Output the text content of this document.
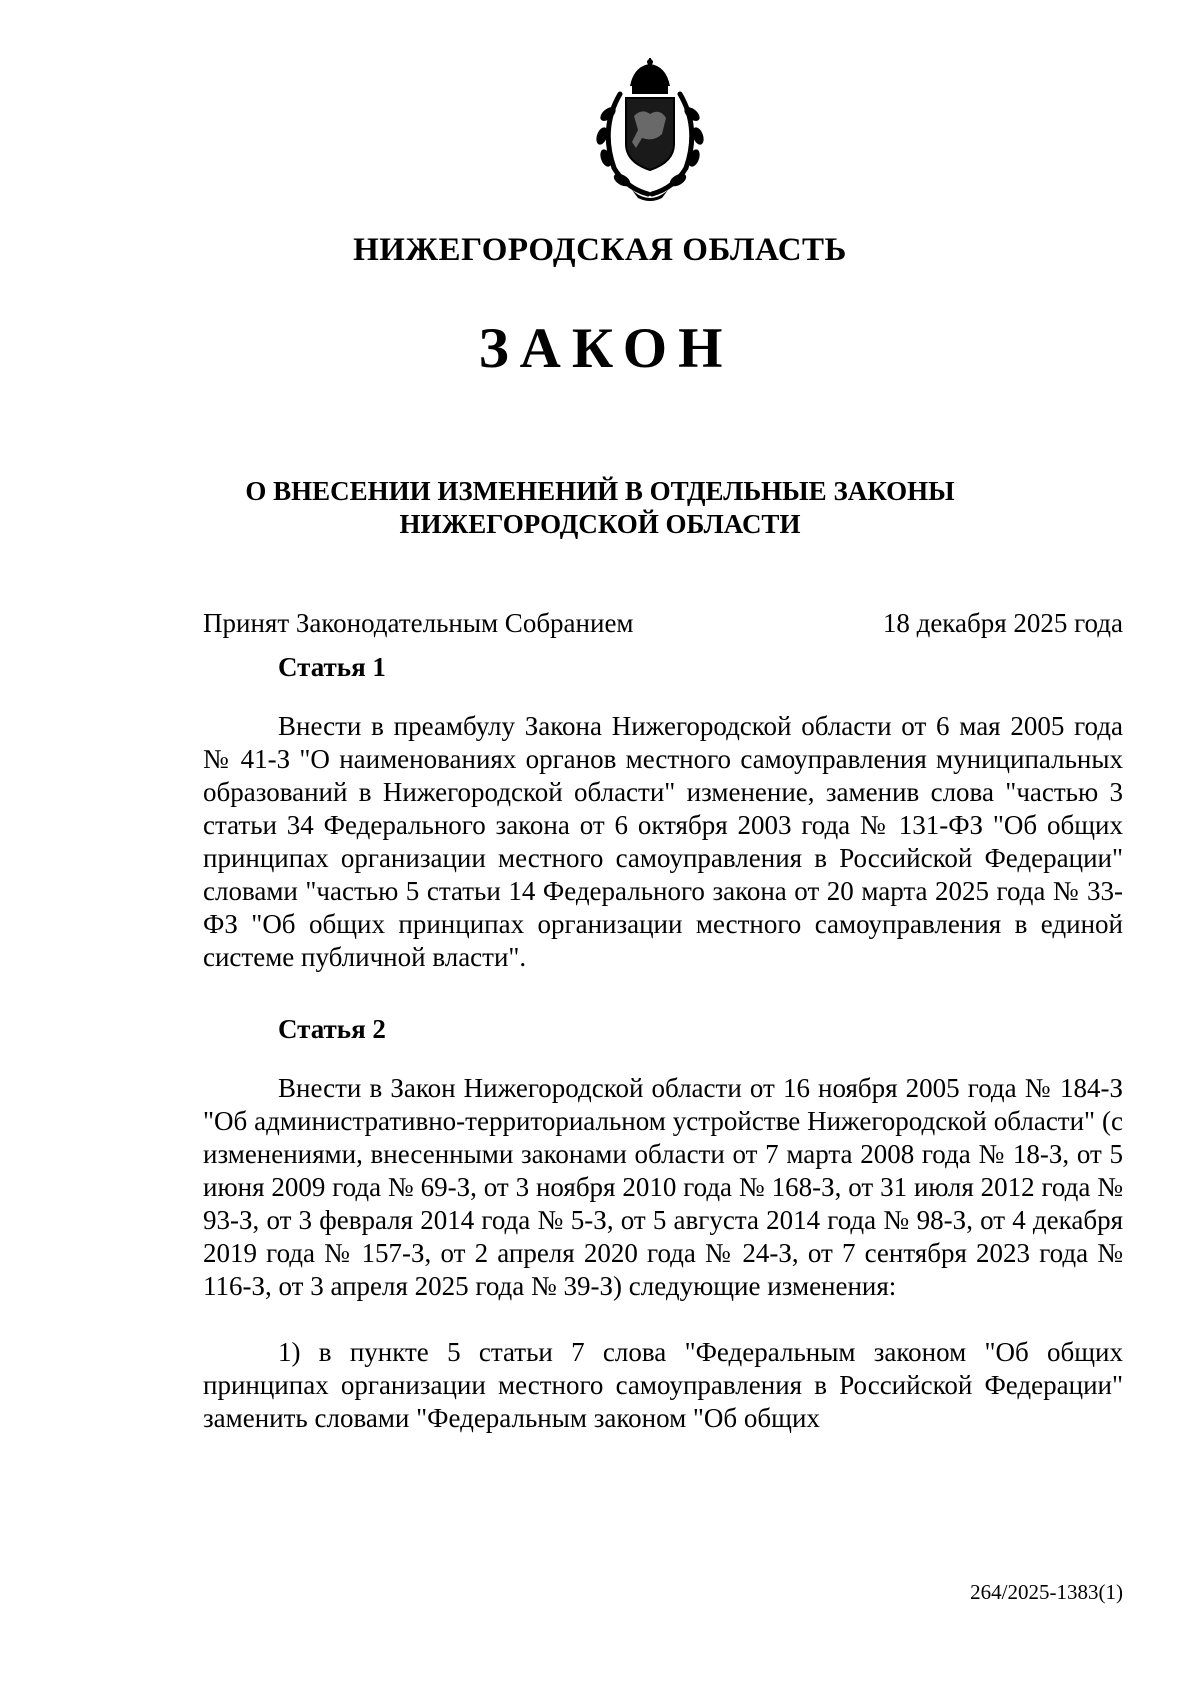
НИЖЕГОРОДСКАЯ ОБЛАСТЬ
ЗАКОН
О ВНЕСЕНИИ ИЗМЕНЕНИЙ В ОТДЕЛЬНЫЕ ЗАКОНЫ
НИЖЕГОРОДСКОЙ ОБЛАСТИ
Принят Законодательным Собранием	18 декабря 2025 года
Статья 1

Внести в преамбулу Закона Нижегородской области от 6 мая 2005 года № 41-З "О наименованиях органов местного самоуправления муниципальных образований в Нижегородской области" изменение, заменив слова "частью 3 статьи 34 Федерального закона от 6 октября 2003 года № 131-ФЗ "Об общих принципах организации местного самоуправления в Российской Федерации" словами "частью 5 статьи 14 Федерального закона от 20 марта 2025 года № 33-ФЗ "Об общих принципах организации местного самоуправления в единой системе публичной власти".

Статья 2

Внести в Закон Нижегородской области от 16 ноября 2005 года № 184-З "Об административно-территориальном устройстве Нижегородской области" (с изменениями, внесенными законами области от 7 марта 2008 года № 18-З, от 5 июня 2009 года № 69-З, от 3 ноября 2010 года № 168-З, от 31 июля 2012 года № 93-З, от 3 февраля 2014 года № 5-З, от 5 августа 2014 года № 98-З, от 4 декабря 2019 года № 157-З, от 2 апреля 2020 года № 24-З, от 7 сентября 2023 года № 116-З, от 3 апреля 2025 года № 39-З) следующие изменения:

1) в пункте 5 статьи 7 слова "Федеральным законом "Об общих принципах организации местного самоуправления в Российской Федерации" заменить словами "Федеральным законом "Об общих

264/2025-1383(1)
